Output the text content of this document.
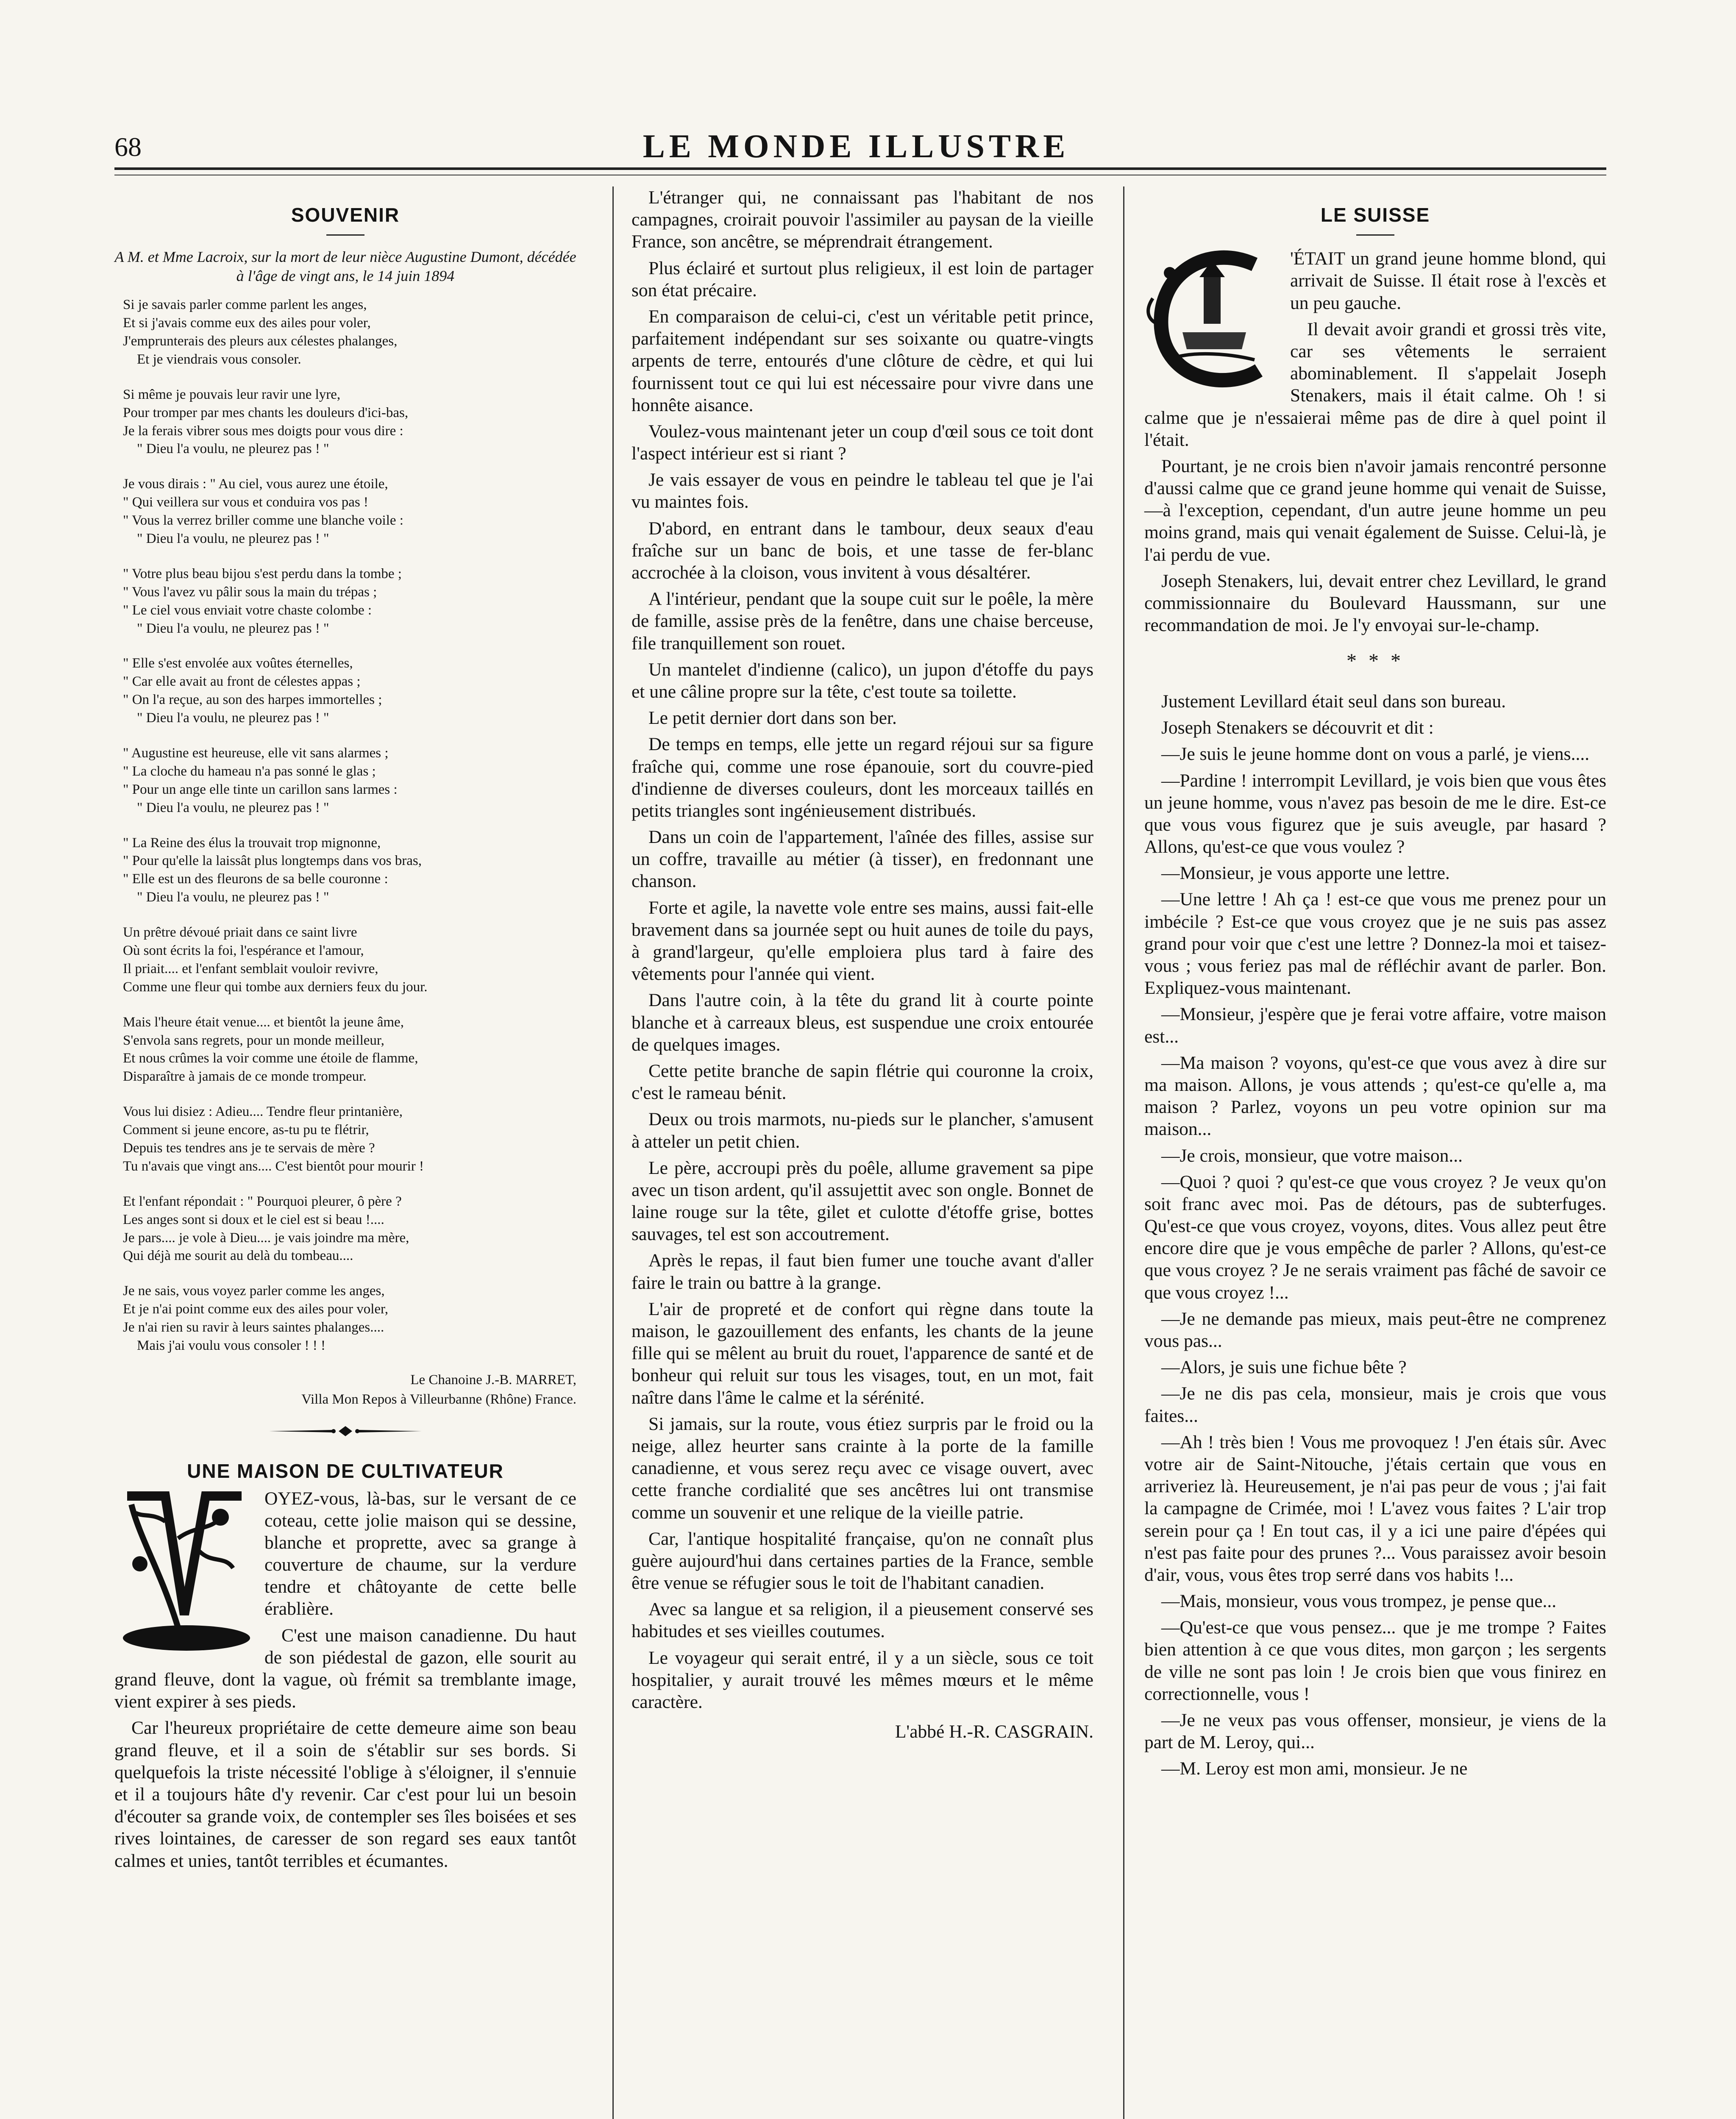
68	LE MONDE ILLUSTRE
SOUVENIR
A M. et Mme Lacroix, sur la mort de leur nièce Augustine Dumont, décédée à l'âge de vingt ans, le 14 juin 1894
Si je savais parler comme parlent les anges,
Et si j'avais comme eux des ailes pour voler,
J'emprunterais des pleurs aux célestes phalanges,
Et je viendrais vous consoler.
Si même je pouvais leur ravir une lyre,
Pour tromper par mes chants les douleurs d'ici-bas,
Je la ferais vibrer sous mes doigts pour vous dire :
" Dieu l'a voulu, ne pleurez pas ! "
Je vous dirais : " Au ciel, vous aurez une étoile,
" Qui veillera sur vous et conduira vos pas !
" Vous la verrez briller comme une blanche voile :
" Dieu l'a voulu, ne pleurez pas ! "
" Votre plus beau bijou s'est perdu dans la tombe ;
" Vous l'avez vu pâlir sous la main du trépas ;
" Le ciel vous enviait votre chaste colombe :
" Dieu l'a voulu, ne pleurez pas ! "
" Elle s'est envolée aux voûtes éternelles,
" Car elle avait au front de célestes appas ;
" On l'a reçue, au son des harpes immortelles ;
" Dieu l'a voulu, ne pleurez pas ! "
" Augustine est heureuse, elle vit sans alarmes ;
" La cloche du hameau n'a pas sonné le glas ;
" Pour un ange elle tinte un carillon sans larmes :
" Dieu l'a voulu, ne pleurez pas ! "
" La Reine des élus la trouvait trop mignonne,
" Pour qu'elle la laissât plus longtemps dans vos bras,
" Elle est un des fleurons de sa belle couronne :
" Dieu l'a voulu, ne pleurez pas ! "
Un prêtre dévoué priait dans ce saint livre
Où sont écrits la foi, l'espérance et l'amour,
Il priait.... et l'enfant semblait vouloir revivre,
Comme une fleur qui tombe aux derniers feux du jour.
Mais l'heure était venue.... et bientôt la jeune âme,
S'envola sans regrets, pour un monde meilleur,
Et nous crûmes la voir comme une étoile de flamme,
Disparaître à jamais de ce monde trompeur.
Vous lui disiez : Adieu.... Tendre fleur printanière,
Comment si jeune encore, as-tu pu te flétrir,
Depuis tes tendres ans je te servais de mère ?
Tu n'avais que vingt ans.... C'est bientôt pour mourir !
Et l'enfant répondait : " Pourquoi pleurer, ô père ?
Les anges sont si doux et le ciel est si beau !....
Je pars.... je vole à Dieu.... je vais joindre ma mère,
Qui déjà me sourit au delà du tombeau....
Je ne sais, vous voyez parler comme les anges,
Et je n'ai point comme eux des ailes pour voler,
Je n'ai rien su ravir à leurs saintes phalanges....
Mais j'ai voulu vous consoler ! ! !
Le Chanoine J.-B. MARRET,
Villa Mon Repos à Villeurbanne (Rhône) France.
UNE MAISON DE CULTIVATEUR

OYEZ-vous, là-bas, sur le versant de ce coteau, cette jolie maison qui se dessine, blanche et proprette, avec sa grange à couverture de chaume, sur la verdure tendre et châtoyante de cette belle érablière.

C'est une maison canadienne. Du haut de son piédestal de gazon, elle sourit au grand fleuve, dont la vague, où frémit sa tremblante image, vient expirer à ses pieds.

Car l'heureux propriétaire de cette demeure aime son beau grand fleuve, et il a soin de s'établir sur ses bords. Si quelquefois la triste nécessité l'oblige à s'éloigner, il s'ennuie et il a toujours hâte d'y revenir. Car c'est pour lui un besoin d'écouter sa grande voix, de contempler ses îles boisées et ses rives lointaines, de caresser de son regard ses eaux tantôt calmes et unies, tantôt terribles et écumantes.

L'étranger qui, ne connaissant pas l'habitant de nos campagnes, croirait pouvoir l'assimiler au paysan de la vieille France, son ancêtre, se méprendrait étrangement.

Plus éclairé et surtout plus religieux, il est loin de partager son état précaire.

En comparaison de celui-ci, c'est un véritable petit prince, parfaitement indépendant sur ses soixante ou quatre-vingts arpents de terre, entourés d'une clôture de cèdre, et qui lui fournissent tout ce qui lui est nécessaire pour vivre dans une honnête aisance.

Voulez-vous maintenant jeter un coup d'œil sous ce toit dont l'aspect intérieur est si riant ?

Je vais essayer de vous en peindre le tableau tel que je l'ai vu maintes fois.

D'abord, en entrant dans le tambour, deux seaux d'eau fraîche sur un banc de bois, et une tasse de fer-blanc accrochée à la cloison, vous invitent à vous désaltérer.

A l'intérieur, pendant que la soupe cuit sur le poêle, la mère de famille, assise près de la fenêtre, dans une chaise berceuse, file tranquillement son rouet.

Un mantelet d'indienne (calico), un jupon d'étoffe du pays et une câline propre sur la tête, c'est toute sa toilette.

Le petit dernier dort dans son ber.

De temps en temps, elle jette un regard réjoui sur sa figure fraîche qui, comme une rose épanouie, sort du couvre-pied d'indienne de diverses couleurs, dont les morceaux taillés en petits triangles sont ingénieusement distribués.

Dans un coin de l'appartement, l'aînée des filles, assise sur un coffre, travaille au métier (à tisser), en fredonnant une chanson.

Forte et agile, la navette vole entre ses mains, aussi fait-elle bravement dans sa journée sept ou huit aunes de toile du pays, à grand'largeur, qu'elle emploiera plus tard à faire des vêtements pour l'année qui vient.

Dans l'autre coin, à la tête du grand lit à courte pointe blanche et à carreaux bleus, est suspendue une croix entourée de quelques images.

Cette petite branche de sapin flétrie qui couronne la croix, c'est le rameau bénit.

Deux ou trois marmots, nu-pieds sur le plancher, s'amusent à atteler un petit chien.

Le père, accroupi près du poêle, allume gravement sa pipe avec un tison ardent, qu'il assujettit avec son ongle. Bonnet de laine rouge sur la tête, gilet et culotte d'étoffe grise, bottes sauvages, tel est son accoutrement.

Après le repas, il faut bien fumer une touche avant d'aller faire le train ou battre à la grange.

L'air de propreté et de confort qui règne dans toute la maison, le gazouillement des enfants, les chants de la jeune fille qui se mêlent au bruit du rouet, l'apparence de santé et de bonheur qui reluit sur tous les visages, tout, en un mot, fait naître dans l'âme le calme et la sérénité.

Si jamais, sur la route, vous étiez surpris par le froid ou la neige, allez heurter sans crainte à la porte de la famille canadienne, et vous serez reçu avec ce visage ouvert, avec cette franche cordialité que ses ancêtres lui ont transmise comme un souvenir et une relique de la vieille patrie.

Car, l'antique hospitalité française, qu'on ne connaît plus guère aujourd'hui dans certaines parties de la France, semble être venue se réfugier sous le toit de l'habitant canadien.

Avec sa langue et sa religion, il a pieusement conservé ses habitudes et ses vieilles coutumes.

Le voyageur qui serait entré, il y a un siècle, sous ce toit hospitalier, y aurait trouvé les mêmes mœurs et le même caractère.

L'abbé H.-R. CASGRAIN.
LE SUISSE

'ÉTAIT un grand jeune homme blond, qui arrivait de Suisse. Il était rose à l'excès et un peu gauche.

Il devait avoir grandi et grossi très vite, car ses vêtements le serraient abominablement. Il s'appelait Joseph Stenakers, mais il était calme. Oh ! si calme que je n'essaierai même pas de dire à quel point il l'était.

Pourtant, je ne crois bien n'avoir jamais rencontré personne d'aussi calme que ce grand jeune homme qui venait de Suisse,—à l'exception, cependant, d'un autre jeune homme un peu moins grand, mais qui venait également de Suisse. Celui-là, je l'ai perdu de vue.

Joseph Stenakers, lui, devait entrer chez Levillard, le grand commissionnaire du Boulevard Haussmann, sur une recommandation de moi. Je l'y envoyai sur-le-champ.

* * *

Justement Levillard était seul dans son bureau.

Joseph Stenakers se découvrit et dit :

—Je suis le jeune homme dont on vous a parlé, je viens....

—Pardine ! interrompit Levillard, je vois bien que vous êtes un jeune homme, vous n'avez pas besoin de me le dire. Est-ce que vous vous figurez que je suis aveugle, par hasard ? Allons, qu'est-ce que vous voulez ?

—Monsieur, je vous apporte une lettre.

—Une lettre ! Ah ça ! est-ce que vous me prenez pour un imbécile ? Est-ce que vous croyez que je ne suis pas assez grand pour voir que c'est une lettre ? Donnez-la moi et taisez-vous ; vous feriez pas mal de réfléchir avant de parler. Bon. Expliquez-vous maintenant.

—Monsieur, j'espère que je ferai votre affaire, votre maison est...

—Ma maison ? voyons, qu'est-ce que vous avez à dire sur ma maison. Allons, je vous attends ; qu'est-ce qu'elle a, ma maison ? Parlez, voyons un peu votre opinion sur ma maison...

—Je crois, monsieur, que votre maison...

—Quoi ? quoi ? qu'est-ce que vous croyez ? Je veux qu'on soit franc avec moi. Pas de détours, pas de subterfuges. Qu'est-ce que vous croyez, voyons, dites. Vous allez peut être encore dire que je vous empêche de parler ? Allons, qu'est-ce que vous croyez ? Je ne serais vraiment pas fâché de savoir ce que vous croyez !...

—Je ne demande pas mieux, mais peut-être ne comprenez vous pas...

—Alors, je suis une fichue bête ?

—Je ne dis pas cela, monsieur, mais je crois que vous faites...

—Ah ! très bien ! Vous me provoquez ! J'en étais sûr. Avec votre air de Saint-Nitouche, j'étais certain que vous en arriveriez là. Heureusement, je n'ai pas peur de vous ; j'ai fait la campagne de Crimée, moi ! L'avez vous faites ? L'air trop serein pour ça ! En tout cas, il y a ici une paire d'épées qui n'est pas faite pour des prunes ?... Vous paraissez avoir besoin d'air, vous, vous êtes trop serré dans vos habits !...

—Mais, monsieur, vous vous trompez, je pense que...

—Qu'est-ce que vous pensez... que je me trompe ? Faites bien attention à ce que vous dites, mon garçon ; les sergents de ville ne sont pas loin ! Je crois bien que vous finirez en correctionnelle, vous !

—Je ne veux pas vous offenser, monsieur, je viens de la part de M. Leroy, qui...

—M. Leroy est mon ami, monsieur. Je ne
